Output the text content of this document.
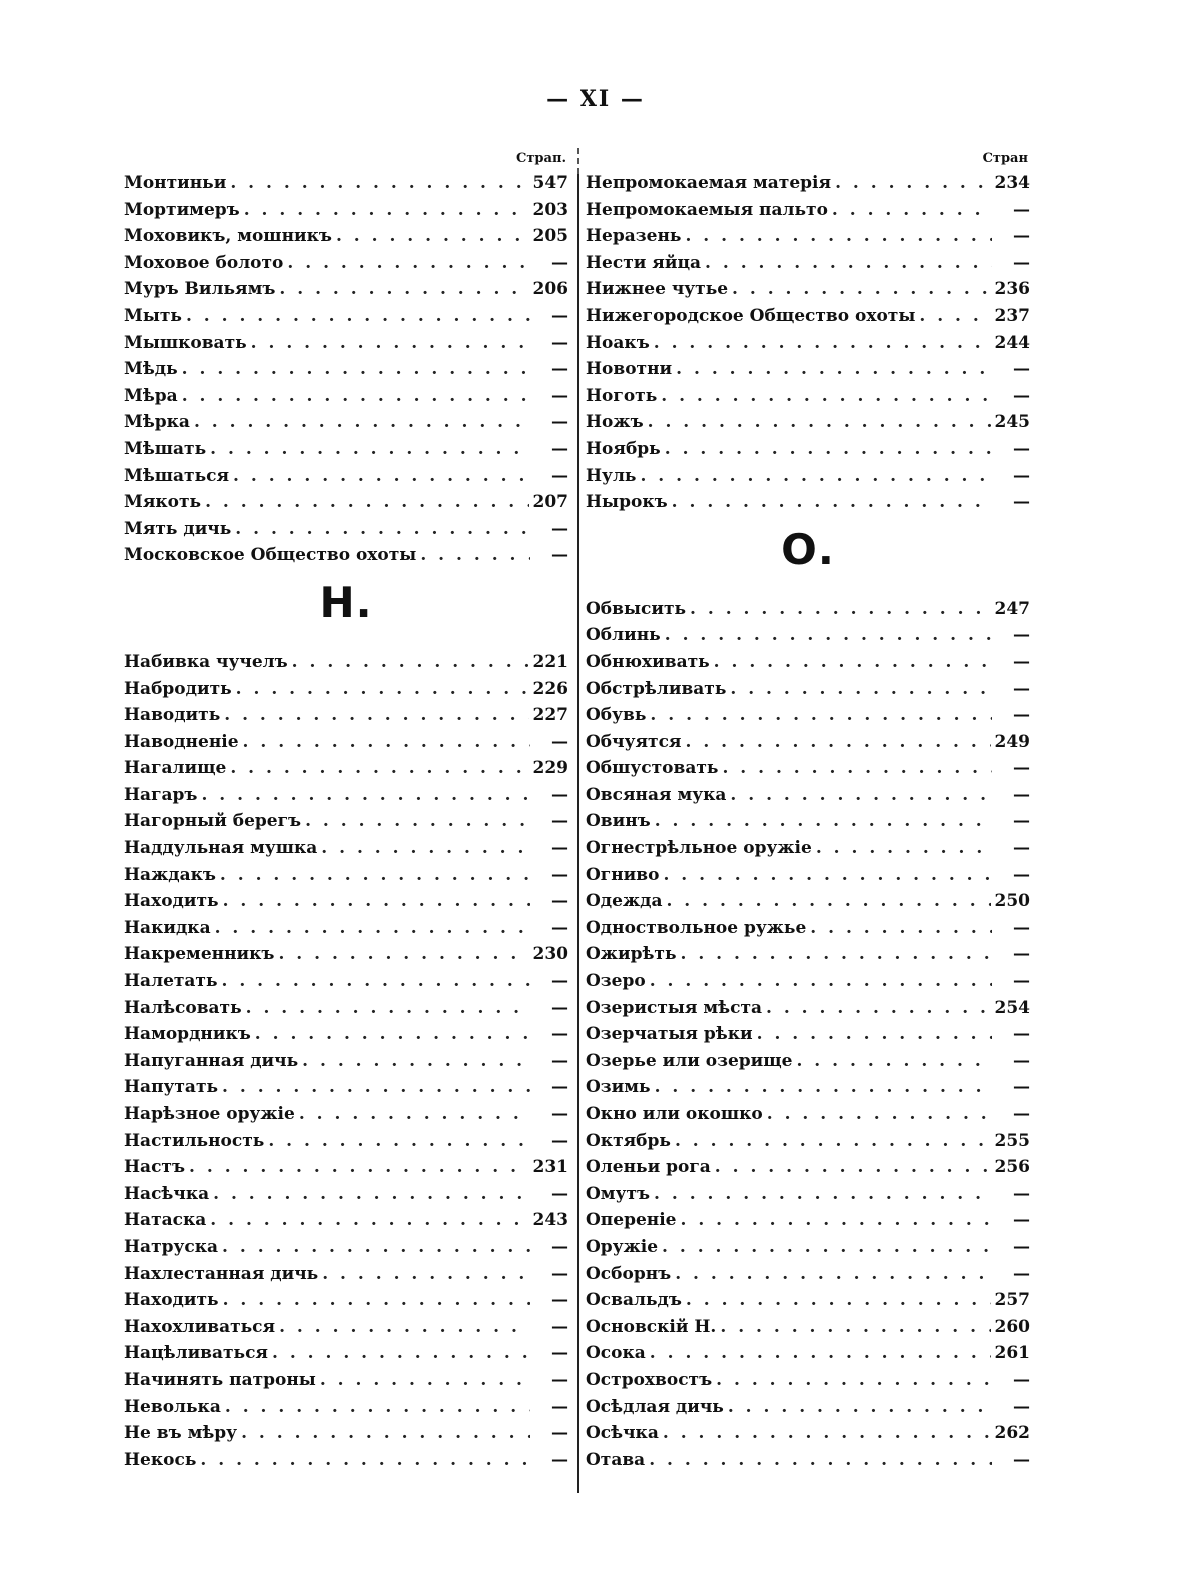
— XI —
Страп.
Монтиньи . . .	547
Мортимеръ . . .	203
Моховикъ, мошникъ . . .	205
Моховое болото . . .	—
Муръ Вильямъ . . .	206
Мыть . . .	—
Мышковать . . .	—
Мѣдь . . .	—
Мѣра . . .	—
Мѣрка . . .	—
Мѣшать . . .	—
Мѣшаться . . .	—
Мякоть . . .	207
Мять дичь . . .	—
Московское Общество охоты . . .	—
Н.
Набивка чучелъ . . .	221
Набродить . . .	226
Наводить . . .	227
Наводненіе . . .	—
Нагалище . . .	229
Нагаръ . . .	—
Нагорный берегъ . . .	—
Наддульная мушка . . .	—
Наждакъ . . .	—
Находить . . .	—
Накидка . . .	—
Накременникъ . . .	230
Налетать . . .	—
Налѣсовать . . .	—
Намордникъ . . .	—
Напуганная дичь . . .	—
Напутать . . .	—
Нарѣзное оружіе . . .	—
Настильность . . .	—
Настъ . . .	231
Насѣчка . . .	—
Натаска . . .	243
Натруска . . .	—
Нахлестанная дичь . . .	—
Находить . . .	—
Нахохливаться . . .	—
Нацѣливаться . . .	—
Начинять патроны . . .	—
Неволька . . .	—
Не въ мѣру . . .	—
Некось . . .	—
Стран
Непромокаемая матерія . . .	234
Непромокаемыя пальто . . .	—
Неразень . . .	—
Нести яйца . . .	—
Нижнее чутье . . .	236
Нижегородское Общество охоты . . .	237
Ноакъ . . .	244
Новотни . . .	—
Ноготь . . .	—
Ножъ . . .	245
Ноябрь . . .	—
Нуль . . .	—
Нырокъ . . .	—
О.
Обвысить . . .	247
Облинь . . .	—
Обнюхивать . . .	—
Обстрѣливать . . .	—
Обувь . . .	—
Обчуятся . . .	249
Обшустовать . . .	—
Овсяная мука . . .	—
Овинъ . . .	—
Огнестрѣльное оружіе . . .	—
Огниво . . .	—
Одежда . . .	250
Одноствольное ружье . . .	—
Ожирѣть . . .	—
Озеро . . .	—
Озеристыя мѣста . . .	254
Озерчатыя рѣки . . .	—
Озерье или озерище . . .	—
Озимь . . .	—
Окно или окошко . . .	—
Октябрь . . .	255
Оленьи рога . . .	256
Омутъ . . .	—
Опереніе . . .	—
Оружіе . . .	—
Осборнъ . . .	—
Освальдъ . . .	257
Основскій Н. . . .	260
Осока . . .	261
Острохвостъ . . .	—
Осѣдлая дичь . . .	—
Осѣчка . . .	262
Отава . . .	—
